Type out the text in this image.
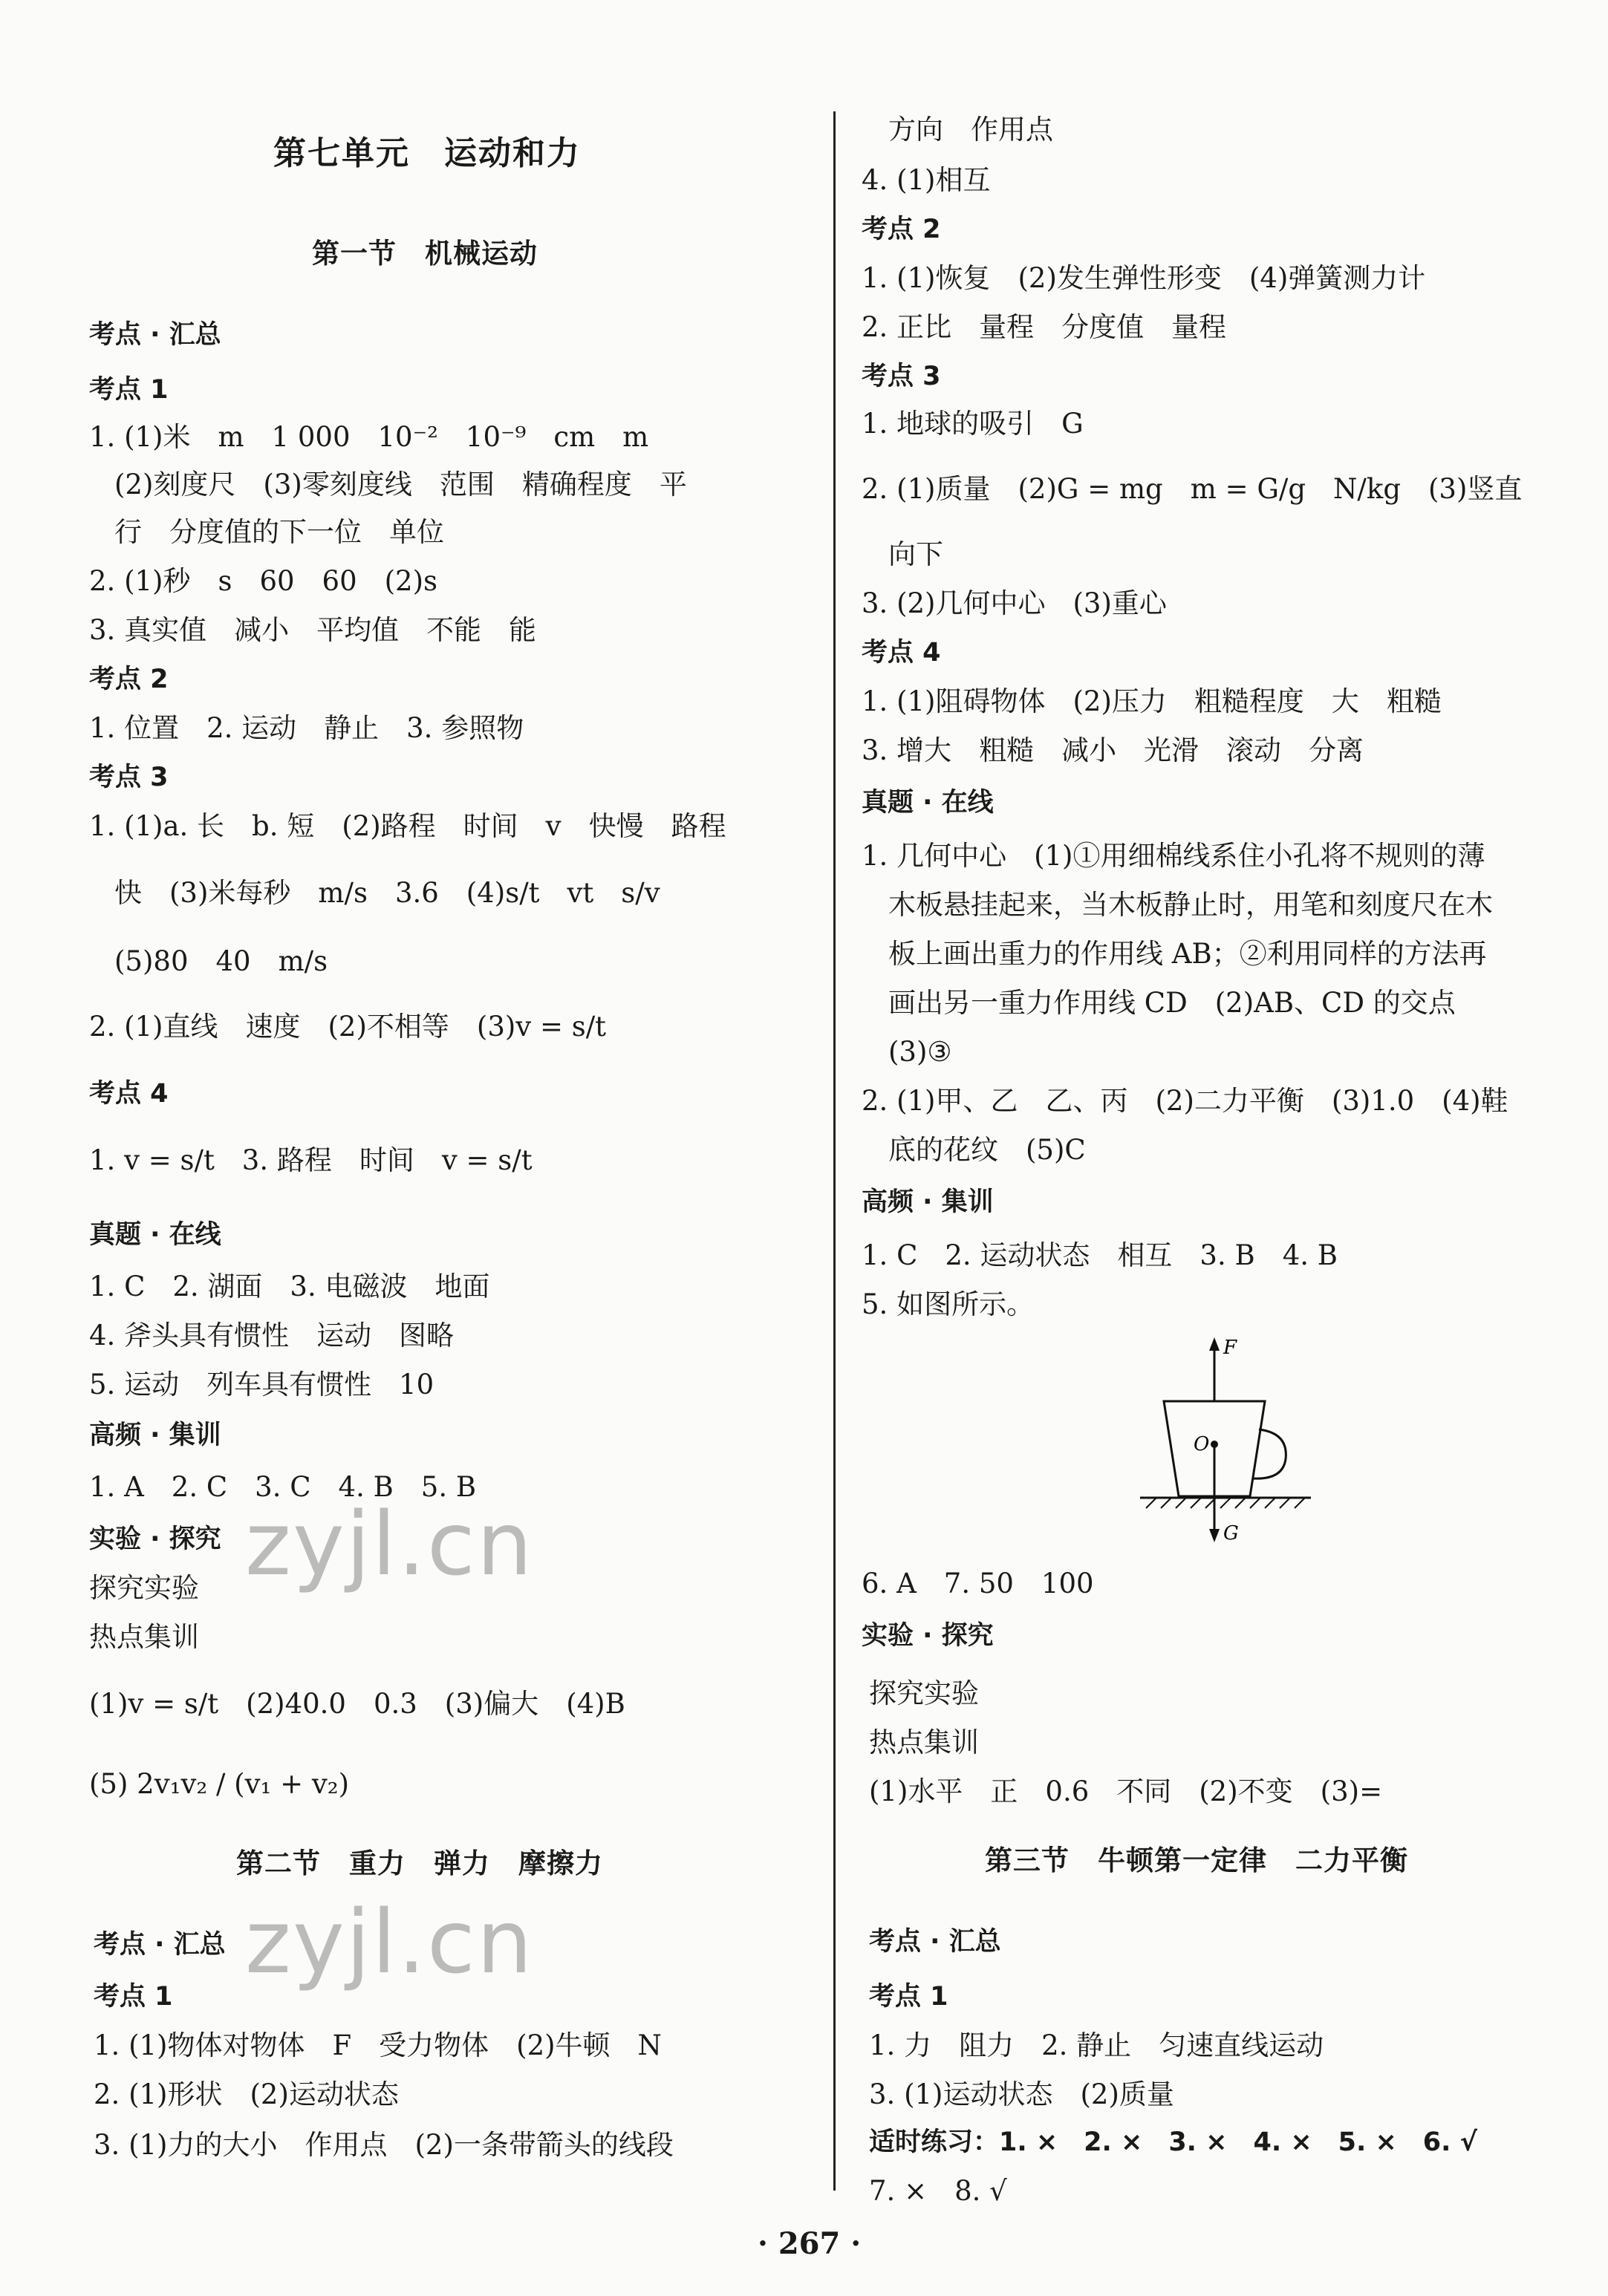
第七单元　运动和力
第一节　机械运动
考点 · 汇总
考点 1
1. (1)米　m　1 000　10⁻²　10⁻⁹　cm　m
(2)刻度尺　(3)零刻度线　范围　精确程度　平
行　分度值的下一位　单位
2. (1)秒　s　60　60　(2)s
3. 真实值　减小　平均值　不能　能
考点 2
1. 位置　2. 运动　静止　3. 参照物
考点 3
1. (1)a. 长　b. 短　(2)路程　时间　v　快慢　路程
快　(3)米每秒　m/s　3.6　(4)s/t　vt　s/v
(5)80　40　m/s
2. (1)直线　速度　(2)不相等　(3)v = s/t
考点 4
1. v = s/t　3. 路程　时间　v = s/t
真题 · 在线
1. C　2. 湖面　3. 电磁波　地面
4. 斧头具有惯性　运动　图略
5. 运动　列车具有惯性　10
高频 · 集训
1. A　2. C　3. C　4. B　5. B
实验 · 探究
探究实验
热点集训
(1)v = s/t　(2)40.0　0.3　(3)偏大　(4)B
(5) 2v₁v₂ / (v₁ + v₂)
第二节　重力　弹力　摩擦力
考点 · 汇总
考点 1
1. (1)物体对物体　F　受力物体　(2)牛顿　N
2. (1)形状　(2)运动状态
3. (1)力的大小　作用点　(2)一条带箭头的线段
方向　作用点
4. (1)相互
考点 2
1. (1)恢复　(2)发生弹性形变　(4)弹簧测力计
2. 正比　量程　分度值　量程
考点 3
1. 地球的吸引　G
2. (1)质量　(2)G = mg　m = G/g　N/kg　(3)竖直
向下
3. (2)几何中心　(3)重心
考点 4
1. (1)阻碍物体　(2)压力　粗糙程度　大　粗糙
3. 增大　粗糙　减小　光滑　滚动　分离
真题 · 在线
1. 几何中心　(1)①用细棉线系住小孔将不规则的薄
木板悬挂起来，当木板静止时，用笔和刻度尺在木
板上画出重力的作用线 AB；②利用同样的方法再
画出另一重力作用线 CD　(2)AB、CD 的交点
(3)③
2. (1)甲、乙　乙、丙　(2)二力平衡　(3)1.0　(4)鞋
底的花纹　(5)C
高频 · 集训
1. C　2. 运动状态　相互　3. B　4. B
5. 如图所示。
6. A　7. 50　100
实验 · 探究
探究实验
热点集训
(1)水平　正　0.6　不同　(2)不变　(3)=
第三节　牛顿第一定律　二力平衡
考点 · 汇总
考点 1
1. 力　阻力　2. 静止　匀速直线运动
3. (1)运动状态　(2)质量
适时练习：1. ×　2. ×　3. ×　4. ×　5. ×　6. √
7. ×　8. √
F
O
G
zyjl.cn
zyjl.cn
· 267 ·
